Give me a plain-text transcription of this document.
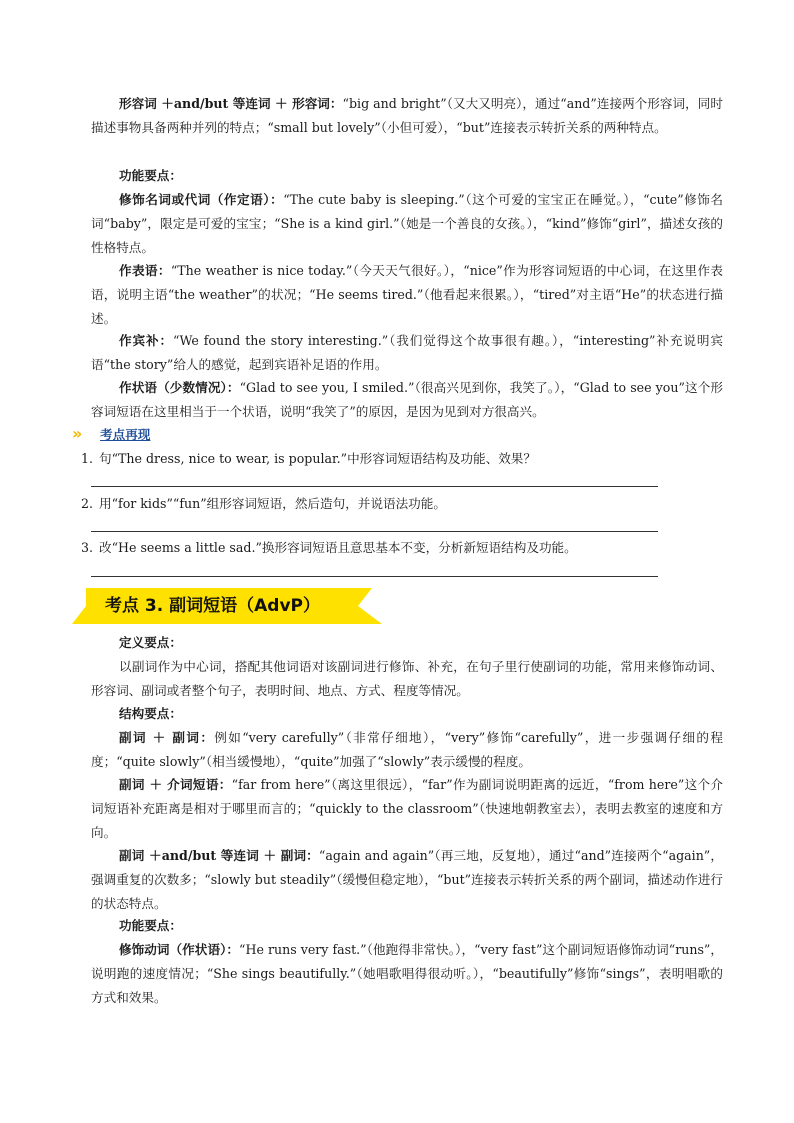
形容词 ＋and/but 等连词 ＋ 形容词：“big and bright”（又大又明亮），通过“and”连接两个形容词，同时描述事物具备两种并列的特点；“small but lovely”（小但可爱），“but”连接表示转折关系的两种特点。

功能要点：

修饰名词或代词（作定语）：“The cute baby is sleeping.”（这个可爱的宝宝正在睡觉。），“cute”修饰名词“baby”，限定是可爱的宝宝；“She is a kind girl.”（她是一个善良的女孩。），“kind”修饰“girl”，描述女孩的性格特点。

作表语：“The weather is nice today.”（今天天气很好。），“nice”作为形容词短语的中心词，在这里作表语，说明主语“the weather”的状况；“He seems tired.”（他看起来很累。），“tired”对主语“He”的状态进行描述。

作宾补：“We found the story interesting.”（我们觉得这个故事很有趣。），“interesting”补充说明宾语“the story”给人的感觉，起到宾语补足语的作用。

作状语（少数情况）：“Glad to see you, I smiled.”（很高兴见到你，我笑了。），“Glad to see you”这个形容词短语在这里相当于一个状语，说明“我笑了”的原因，是因为见到对方很高兴。

» 考点再现

1. 句“The dress, nice to wear, is popular.”中形容词短语结构及功能、效果？

2. 用“for kids”“fun”组形容词短语，然后造句，并说语法功能。

3. 改“He seems a little sad.”换形容词短语且意思基本不变，分析新短语结构及功能。

考点 3. 副词短语（AdvP）

定义要点：

以副词作为中心词，搭配其他词语对该副词进行修饰、补充，在句子里行使副词的功能，常用来修饰动词、形容词、副词或者整个句子，表明时间、地点、方式、程度等情况。

结构要点：

副词 ＋ 副词：例如“very carefully”（非常仔细地），“very”修饰“carefully”，进一步强调仔细的程度；“quite slowly”（相当缓慢地），“quite”加强了“slowly”表示缓慢的程度。

副词 ＋ 介词短语：“far from here”（离这里很远），“far”作为副词说明距离的远近，“from here”这个介词短语补充距离是相对于哪里而言的；“quickly to the classroom”（快速地朝教室去），表明去教室的速度和方向。

副词 ＋and/but 等连词 ＋ 副词：“again and again”（再三地，反复地），通过“and”连接两个“again”，强调重复的次数多；“slowly but steadily”（缓慢但稳定地），“but”连接表示转折关系的两个副词，描述动作进行的状态特点。

功能要点：

修饰动词（作状语）：“He runs very fast.”（他跑得非常快。），“very fast”这个副词短语修饰动词“runs”，说明跑的速度情况；“She sings beautifully.”（她唱歌唱得很动听。），“beautifully”修饰“sings”，表明唱歌的方式和效果。
